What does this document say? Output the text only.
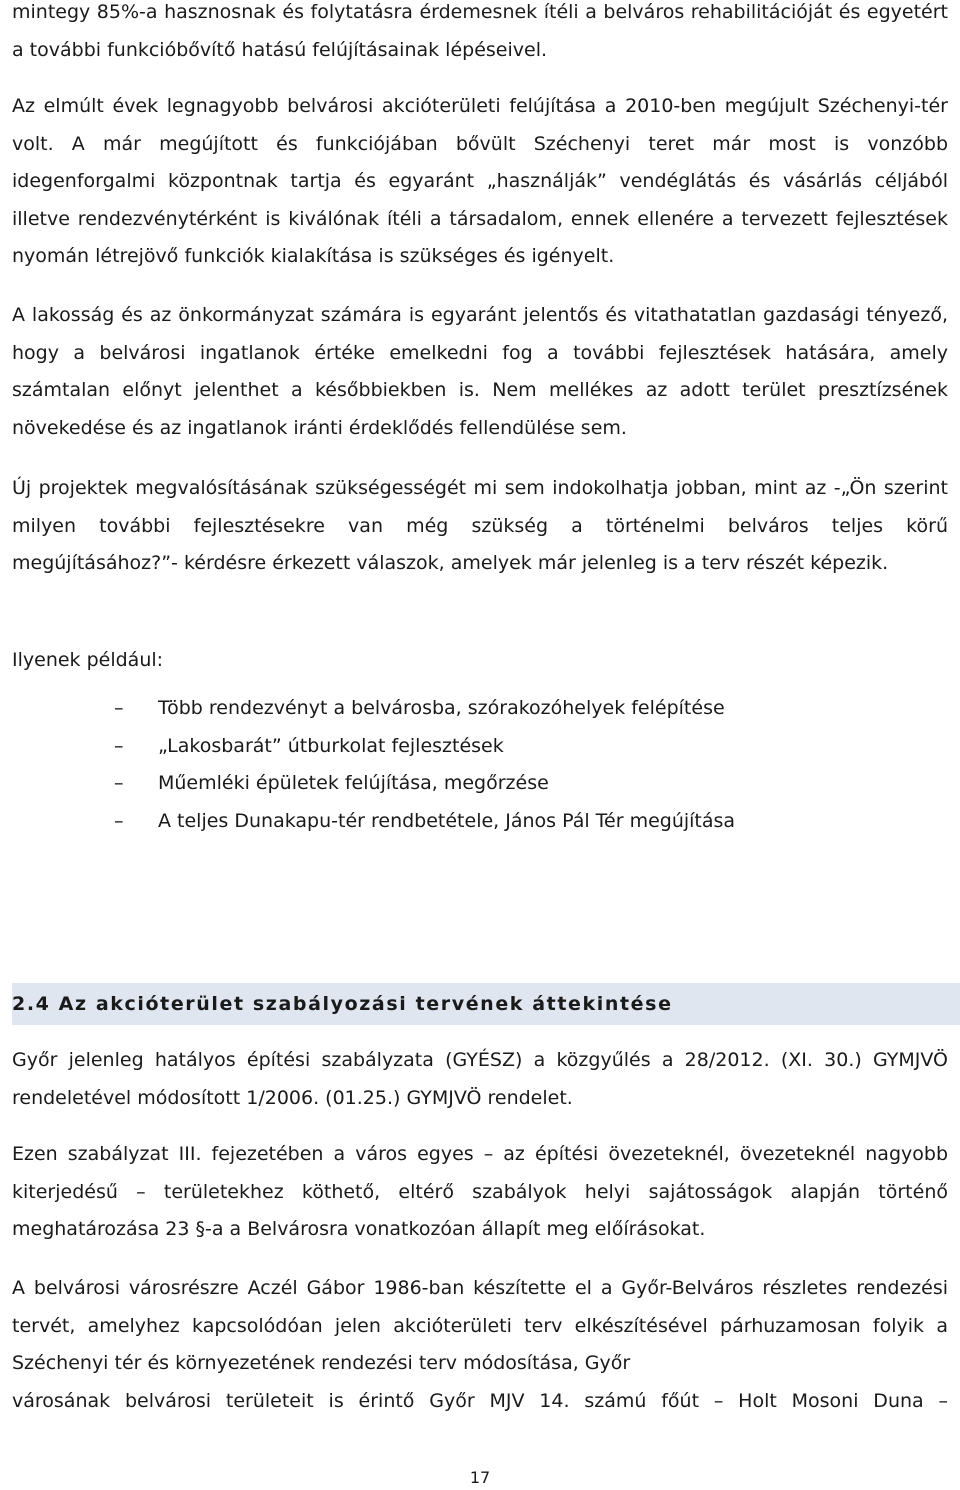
mintegy 85%-a hasznosnak és folytatásra érdemesnek ítéli a belváros rehabilitációját és egyetért a további funkcióbővítő hatású felújításainak lépéseivel.

Az elmúlt évek legnagyobb belvárosi akcióterületi felújítása a 2010-ben megújult Széchenyi-tér volt. A már megújított és funkciójában bővült Széchenyi teret már most is vonzóbb idegenforgalmi központnak tartja és egyaránt „használják” vendéglátás és vásárlás céljából illetve rendezvénytérként is kiválónak ítéli a társadalom, ennek ellenére a tervezett fejlesztések nyomán létrejövő funkciók kialakítása is szükséges és igényelt.

A lakosság és az önkormányzat számára is egyaránt jelentős és vitathatatlan gazdasági tényező, hogy a belvárosi ingatlanok értéke emelkedni fog a további fejlesztések hatására, amely számtalan előnyt jelenthet a későbbiekben is. Nem mellékes az adott terület presztízsének növekedése és az ingatlanok iránti érdeklődés fellendülése sem.

Új projektek megvalósításának szükségességét mi sem indokolhatja jobban, mint az -„Ön szerint milyen további fejlesztésekre van még szükség a történelmi belváros teljes körű megújításához?”- kérdésre érkezett válaszok, amelyek már jelenleg is a terv részét képezik.

Ilyenek például:

–	Több rendezvényt a belvárosba, szórakozóhelyek felépítése
–	„Lakosbarát” útburkolat fejlesztések
–	Műemléki épületek felújítása, megőrzése
–	A teljes Dunakapu-tér rendbetétele, János Pál Tér megújítása
2.4 Az akcióterület szabályozási tervének áttekintése

Győr jelenleg hatályos építési szabályzata (GYÉSZ) a közgyűlés a 28/2012. (XI. 30.) GYMJVÖ rendeletével módosított 1/2006. (01.25.) GYMJVÖ rendelet.

Ezen szabályzat III. fejezetében a város egyes – az építési övezeteknél, övezeteknél nagyobb kiterjedésű – területekhez köthető, eltérő szabályok helyi sajátosságok alapján történő meghatározása 23 §-a a Belvárosra vonatkozóan állapít meg előírásokat.

A belvárosi városrészre Aczél Gábor 1986-ban készítette el a Győr-Belváros részletes rendezési tervét, amelyhez kapcsolódóan jelen akcióterületi terv elkészítésével párhuzamosan folyik a Széchenyi tér és környezetének rendezési terv módosítása, Győr
városának belvárosi területeit is érintő Győr MJV 14. számú főút – Holt Mosoni Duna –

17
